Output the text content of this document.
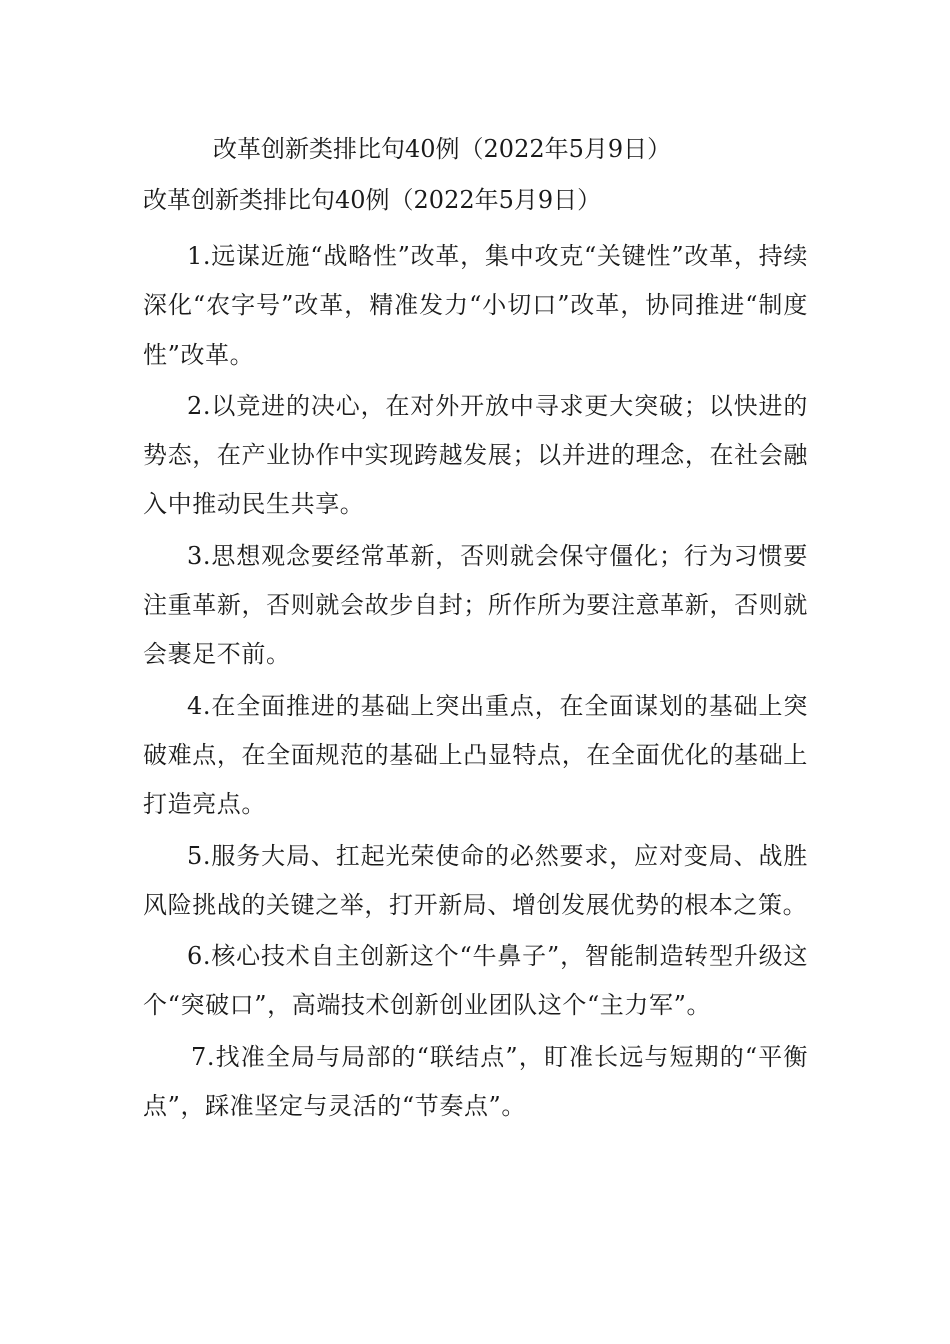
改革创新类排比句40例（2022年5月9日）
改革创新类排比句40例（2022年5月9日）

1.远谋近施“战略性”改革，集中攻克“关键性”改革，持续深化“农字号”改革，精准发力“小切口”改革，协同推进“制度性”改革。

2.以竞进的决心，在对外开放中寻求更大突破；以快进的势态，在产业协作中实现跨越发展；以并进的理念，在社会融入中推动民生共享。

3.思想观念要经常革新，否则就会保守僵化；行为习惯要注重革新，否则就会故步自封；所作所为要注意革新，否则就会裹足不前。

4.在全面推进的基础上突出重点，在全面谋划的基础上突破难点，在全面规范的基础上凸显特点，在全面优化的基础上打造亮点。

5.服务大局、扛起光荣使命的必然要求，应对变局、战胜风险挑战的关键之举，打开新局、增创发展优势的根本之策。

6.核心技术自主创新这个“牛鼻子”，智能制造转型升级这个“突破口”，高端技术创新创业团队这个“主力军”。

7.找准全局与局部的“联结点”，盯准长远与短期的“平衡点”，踩准坚定与灵活的“节奏点”。
